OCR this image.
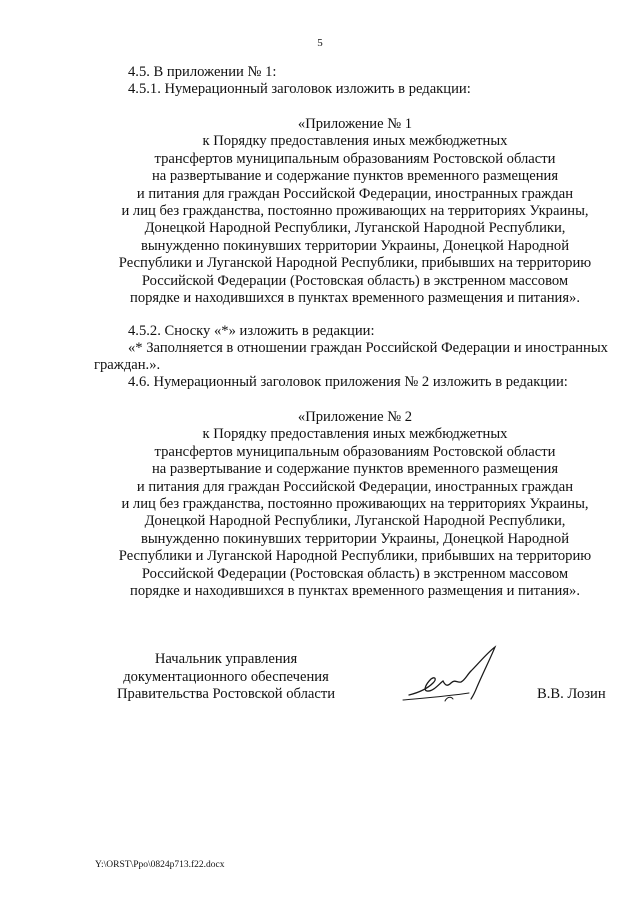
5
4.5. В приложении № 1:
4.5.1. Нумерационный заголовок изложить в редакции:
«Приложение № 1
к Порядку предоставления иных межбюджетных
трансфертов муниципальным образованиям Ростовской области
на развертывание и содержание пунктов временного размещения
и питания для граждан Российской Федерации, иностранных граждан
и лиц без гражданства, постоянно проживающих на территориях Украины,
Донецкой Народной Республики, Луганской Народной Республики,
вынужденно покинувших территории Украины, Донецкой Народной
Республики и Луганской Народной Республики, прибывших на территорию
Российской Федерации (Ростовская область) в экстренном массовом
порядке и находившихся в пунктах временного размещения и питания».
4.5.2. Сноску «*» изложить в редакции:
«* Заполняется в отношении граждан Российской Федерации и иностранных
граждан.».
4.6. Нумерационный заголовок приложения № 2 изложить в редакции:
«Приложение № 2
к Порядку предоставления иных межбюджетных
трансфертов муниципальным образованиям Ростовской области
на развертывание и содержание пунктов временного размещения
и питания для граждан Российской Федерации, иностранных граждан
и лиц без гражданства, постоянно проживающих на территориях Украины,
Донецкой Народной Республики, Луганской Народной Республики,
вынужденно покинувших территории Украины, Донецкой Народной
Республики и Луганской Народной Республики, прибывших на территорию
Российской Федерации (Ростовская область) в экстренном массовом
порядке и находившихся в пунктах временного размещения и питания».
Начальник управления
документационного обеспечения
Правительства Ростовской области	В.В. Лозин
Y:\ORST\Ppo\0824p713.f22.docx
